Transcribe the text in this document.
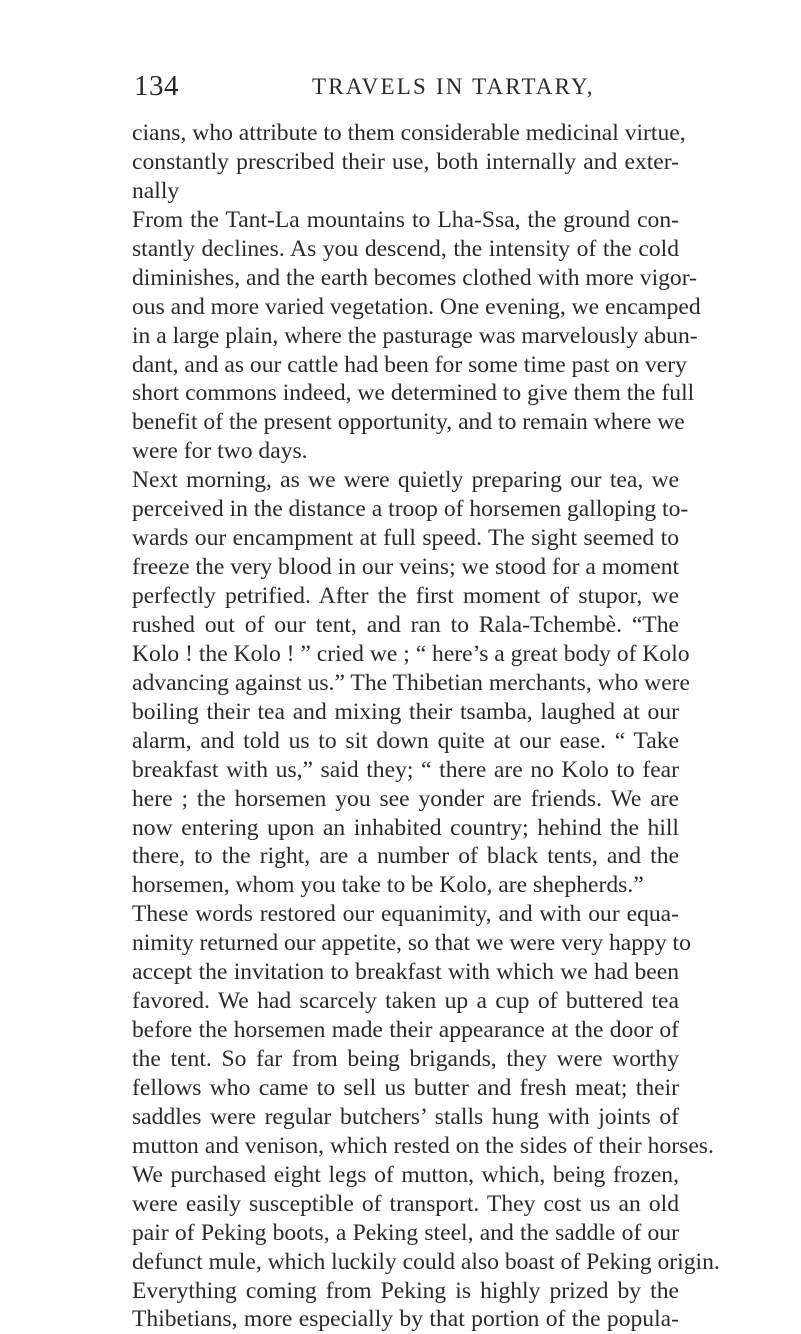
134	TRAVELS IN TARTARY,
cians, who attribute to them considerable medicinal virtue,
constantly prescribed their use, both internally and exter-
nally
From the Tant-La mountains to Lha-Ssa, the ground con-
stantly declines. As you descend, the intensity of the cold
diminishes, and the earth becomes clothed with more vigor-
ous and more varied vegetation. One evening, we encamped
in a large plain, where the pasturage was marvelously abun-
dant, and as our cattle had been for some time past on very
short commons indeed, we determined to give them the full
benefit of the present opportunity, and to remain where we
were for two days.
Next morning, as we were quietly preparing our tea, we
perceived in the distance a troop of horsemen galloping to-
wards our encampment at full speed. The sight seemed to
freeze the very blood in our veins; we stood for a moment
perfectly petrified. After the first moment of stupor, we
rushed out of our tent, and ran to Rala-Tchembè. “The
Kolo ! the Kolo ! ” cried we ; “ here’s a great body of Kolo
advancing against us.” The Thibetian merchants, who were
boiling their tea and mixing their tsamba, laughed at our
alarm, and told us to sit down quite at our ease. “ Take
breakfast with us,” said they; “ there are no Kolo to fear
here ; the horsemen you see yonder are friends. We are
now entering upon an inhabited country; hehind the hill
there, to the right, are a number of black tents, and the
horsemen, whom you take to be Kolo, are shepherds.”
These words restored our equanimity, and with our equa-
nimity returned our appetite, so that we were very happy to
accept the invitation to breakfast with which we had been
favored. We had scarcely taken up a cup of buttered tea
before the horsemen made their appearance at the door of
the tent. So far from being brigands, they were worthy
fellows who came to sell us butter and fresh meat; their
saddles were regular butchers’ stalls hung with joints of
mutton and venison, which rested on the sides of their horses.
We purchased eight legs of mutton, which, being frozen,
were easily susceptible of transport. They cost us an old
pair of Peking boots, a Peking steel, and the saddle of our
defunct mule, which luckily could also boast of Peking origin.
Everything coming from Peking is highly prized by the
Thibetians, more especially by that portion of the popula-
